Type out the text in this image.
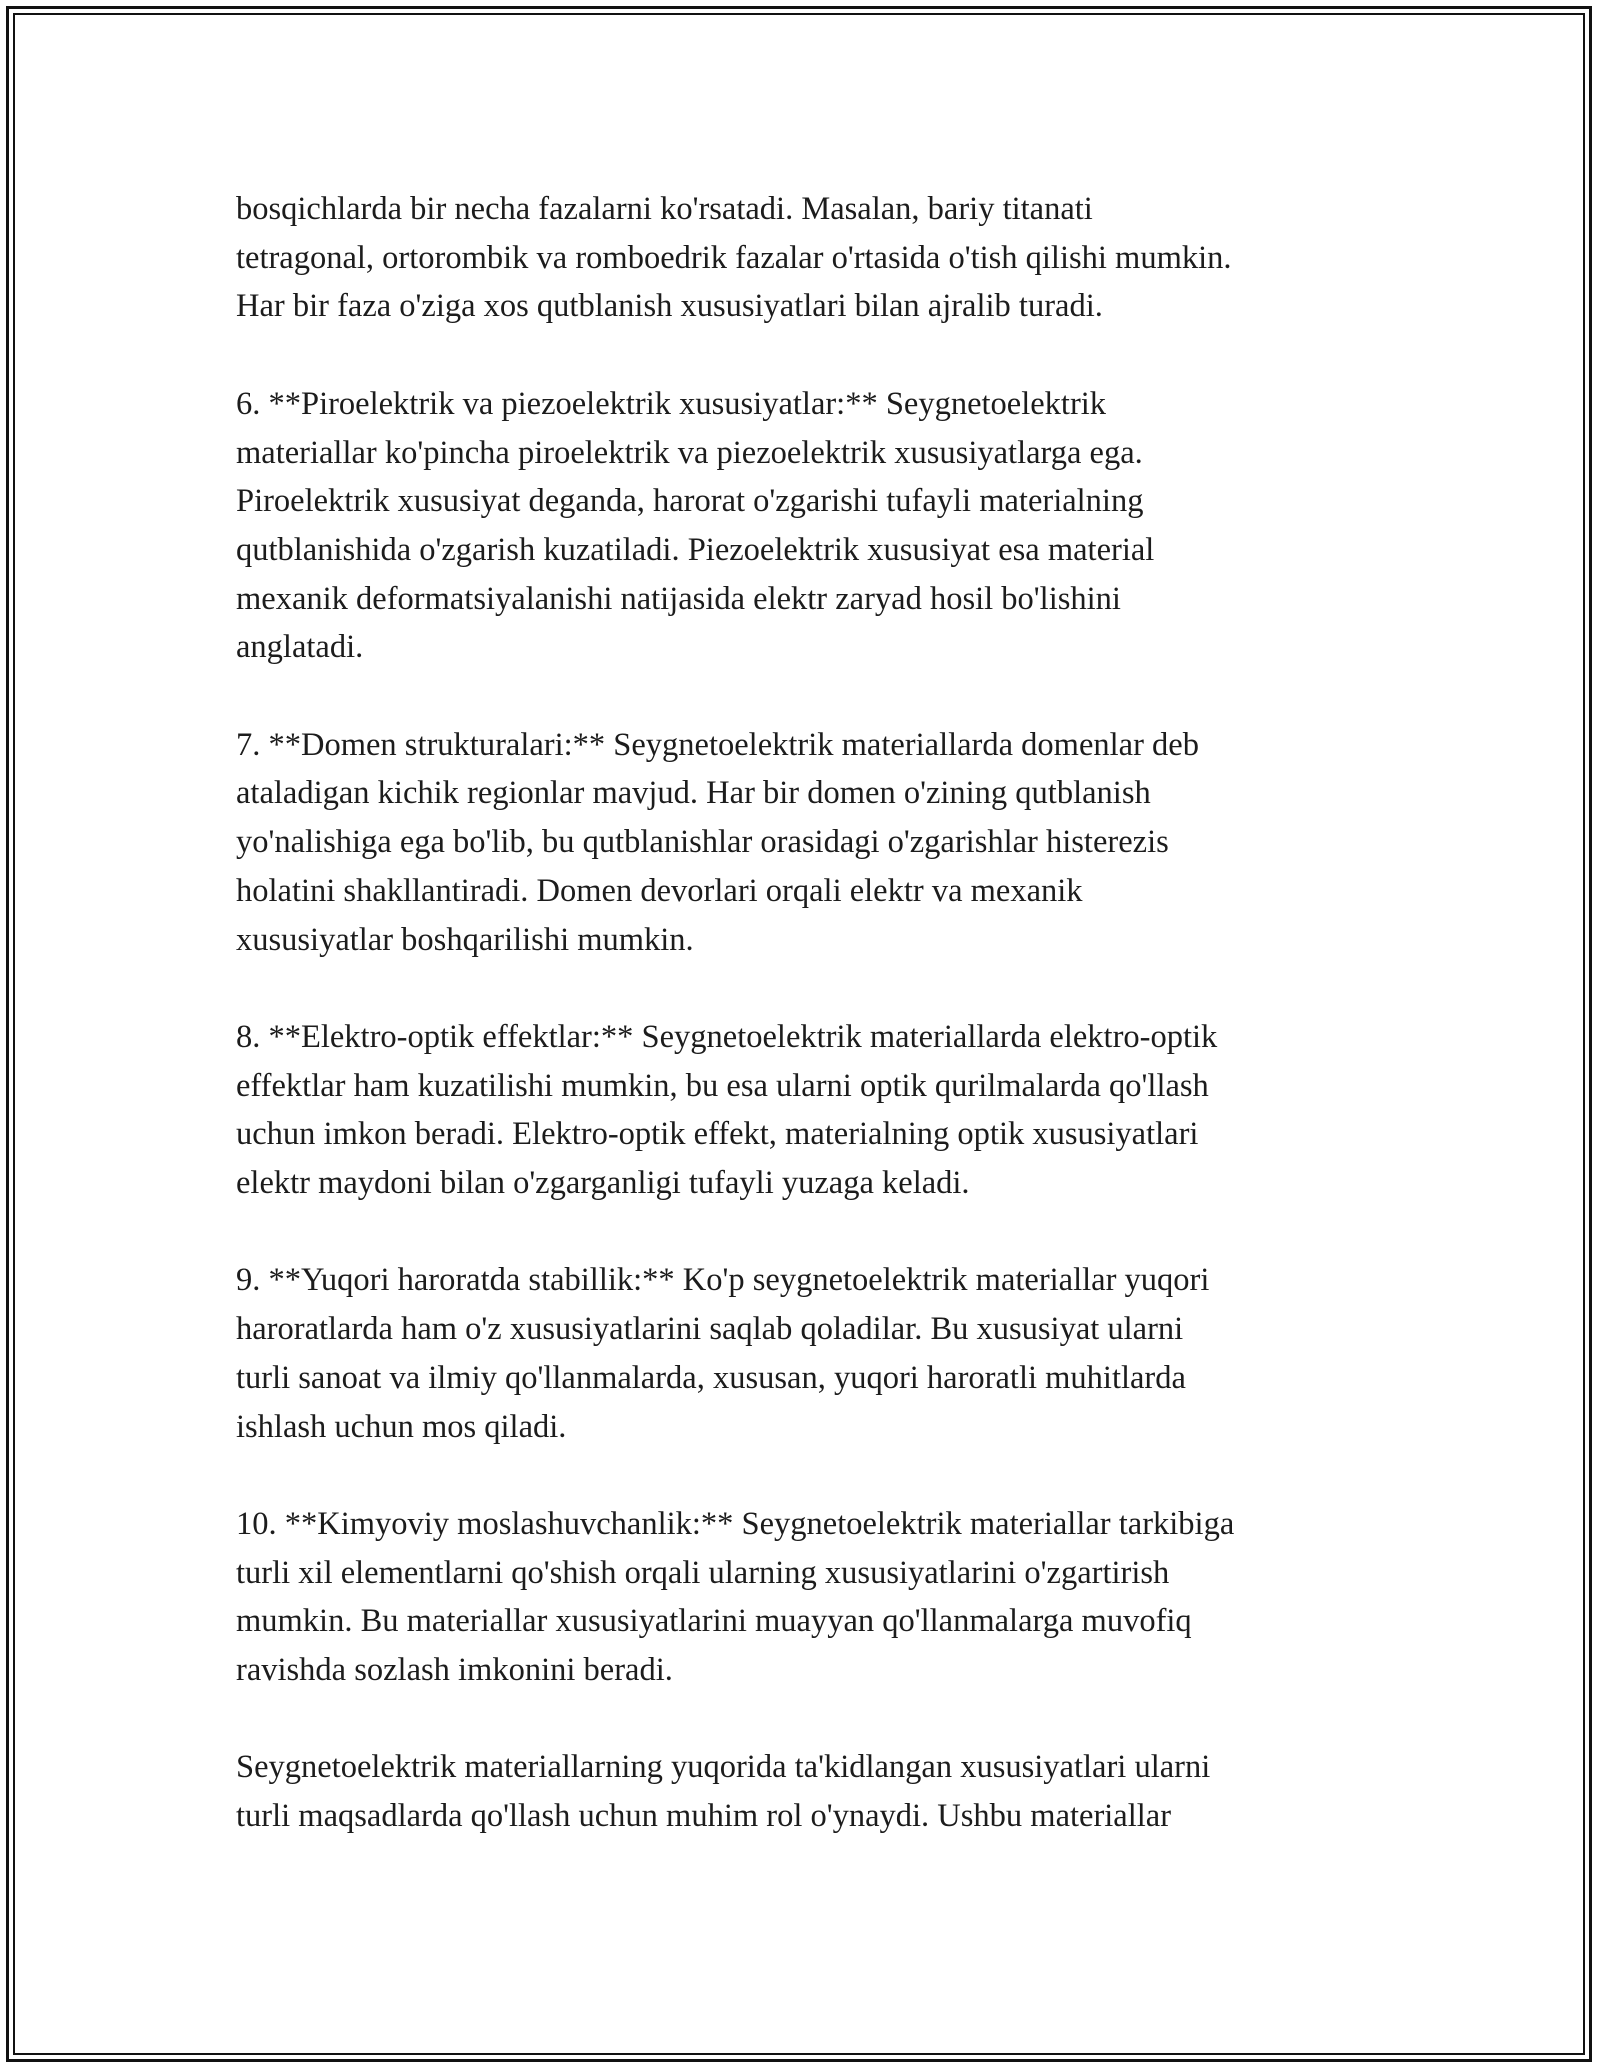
bosqichlarda bir necha fazalarni ko'rsatadi. Masalan, bariy titanati
tetragonal, ortorombik va romboedrik fazalar o'rtasida o'tish qilishi mumkin.
Har bir faza o'ziga xos qutblanish xususiyatlari bilan ajralib turadi.
6. **Piroelektrik va piezoelektrik xususiyatlar:** Seygnetoelektrik
materiallar ko'pincha piroelektrik va piezoelektrik xususiyatlarga ega.
Piroelektrik xususiyat deganda, harorat o'zgarishi tufayli materialning
qutblanishida o'zgarish kuzatiladi. Piezoelektrik xususiyat esa material
mexanik deformatsiyalanishi natijasida elektr zaryad hosil bo'lishini
anglatadi.
7. **Domen strukturalari:** Seygnetoelektrik materiallarda domenlar deb
ataladigan kichik regionlar mavjud. Har bir domen o'zining qutblanish
yo'nalishiga ega bo'lib, bu qutblanishlar orasidagi o'zgarishlar histerezis
holatini shakllantiradi. Domen devorlari orqali elektr va mexanik
xususiyatlar boshqarilishi mumkin.
8. **Elektro-optik effektlar:** Seygnetoelektrik materiallarda elektro-optik
effektlar ham kuzatilishi mumkin, bu esa ularni optik qurilmalarda qo'llash
uchun imkon beradi. Elektro-optik effekt, materialning optik xususiyatlari
elektr maydoni bilan o'zgarganligi tufayli yuzaga keladi.
9. **Yuqori haroratda stabillik:** Ko'p seygnetoelektrik materiallar yuqori
haroratlarda ham o'z xususiyatlarini saqlab qoladilar. Bu xususiyat ularni
turli sanoat va ilmiy qo'llanmalarda, xususan, yuqori haroratli muhitlarda
ishlash uchun mos qiladi.
10. **Kimyoviy moslashuvchanlik:** Seygnetoelektrik materiallar tarkibiga
turli xil elementlarni qo'shish orqali ularning xususiyatlarini o'zgartirish
mumkin. Bu materiallar xususiyatlarini muayyan qo'llanmalarga muvofiq
ravishda sozlash imkonini beradi.
Seygnetoelektrik materiallarning yuqorida ta'kidlangan xususiyatlari ularni
turli maqsadlarda qo'llash uchun muhim rol o'ynaydi. Ushbu materiallar
